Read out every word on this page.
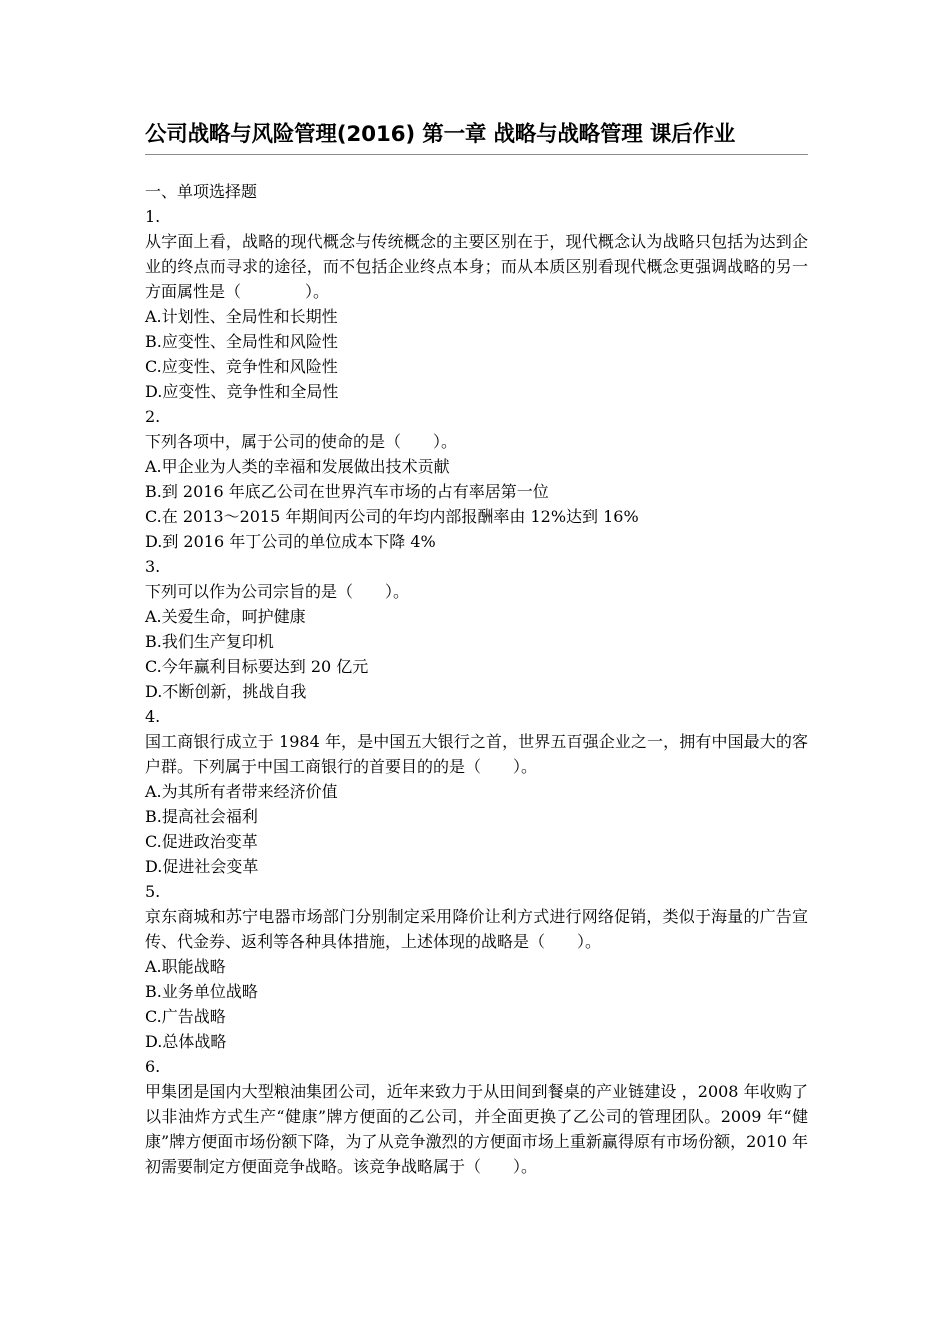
公司战略与风险管理(2016) 第一章 战略与战略管理 课后作业
一、单项选择题
1.
从字面上看，战略的现代概念与传统概念的主要区别在于，现代概念认为战略只包括为达到企业的终点而寻求的途径，而不包括企业终点本身；而从本质区别看现代概念更强调战略的另一方面属性是（　　　　）。
A.计划性、全局性和长期性
B.应变性、全局性和风险性
C.应变性、竞争性和风险性
D.应变性、竞争性和全局性
2.
下列各项中，属于公司的使命的是（　　）。
A.甲企业为人类的幸福和发展做出技术贡献
B.到 2016 年底乙公司在世界汽车市场的占有率居第一位
C.在 2013～2015 年期间丙公司的年均内部报酬率由 12%达到 16%
D.到 2016 年丁公司的单位成本下降 4%
3.
下列可以作为公司宗旨的是（　　）。
A.关爱生命，呵护健康
B.我们生产复印机
C.今年赢利目标要达到 20 亿元
D.不断创新，挑战自我
4.
国工商银行成立于 1984 年，是中国五大银行之首，世界五百强企业之一，拥有中国最大的客户群。下列属于中国工商银行的首要目的的是（　　）。
A.为其所有者带来经济价值
B.提高社会福利
C.促进政治变革
D.促进社会变革
5.
京东商城和苏宁电器市场部门分别制定采用降价让利方式进行网络促销，类似于海量的广告宣传、代金券、返利等各种具体措施，上述体现的战略是（　　）。
A.职能战略
B.业务单位战略
C.广告战略
D.总体战略
6.
甲集团是国内大型粮油集团公司，近年来致力于从田间到餐桌的产业链建设 ，2008 年收购了以非油炸方式生产“健康”牌方便面的乙公司，并全面更换了乙公司的管理团队。2009 年“健康”牌方便面市场份额下降，为了从竞争激烈的方便面市场上重新赢得原有市场份额，2010 年初需要制定方便面竞争战略。该竞争战略属于（　　）。
